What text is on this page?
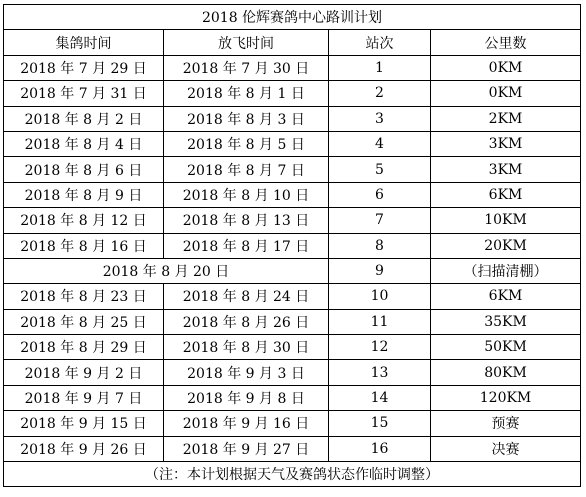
2018 伦辉赛鸽中心路训计划			
集鸽时间	放飞时间	站次	公里数
2018 年 7 月 29 日	2018 年 7 月 30 日	1	0KM
2018 年 7 月 31 日	2018 年 8 月 1 日	2	0KM
2018 年 8 月 2 日	2018 年 8 月 3 日	3	2KM
2018 年 8 月 4 日	2018 年 8 月 5 日	4	3KM
2018 年 8 月 6 日	2018 年 8 月 7 日	5	3KM
2018 年 8 月 9 日	2018 年 8 月 10 日	6	6KM
2018 年 8 月 12 日	2018 年 8 月 13 日	7	10KM
2018 年 8 月 16 日	2018 年 8 月 17 日	8	20KM
2018 年 8 月 20 日		9	（扫描清棚）
2018 年 8 月 23 日	2018 年 8 月 24 日	10	6KM
2018 年 8 月 25 日	2018 年 8 月 26 日	11	35KM
2018 年 8 月 29 日	2018 年 8 月 30 日	12	50KM
2018 年 9 月 2 日	2018 年 9 月 3 日	13	80KM
2018 年 9 月 7 日	2018 年 9 月 8 日	14	120KM
2018 年 9 月 15 日	2018 年 9 月 16 日	15	预赛
2018 年 9 月 26 日	2018 年 9 月 27 日	16	决赛
（注：本计划根据天气及赛鸽状态作临时调整）			
